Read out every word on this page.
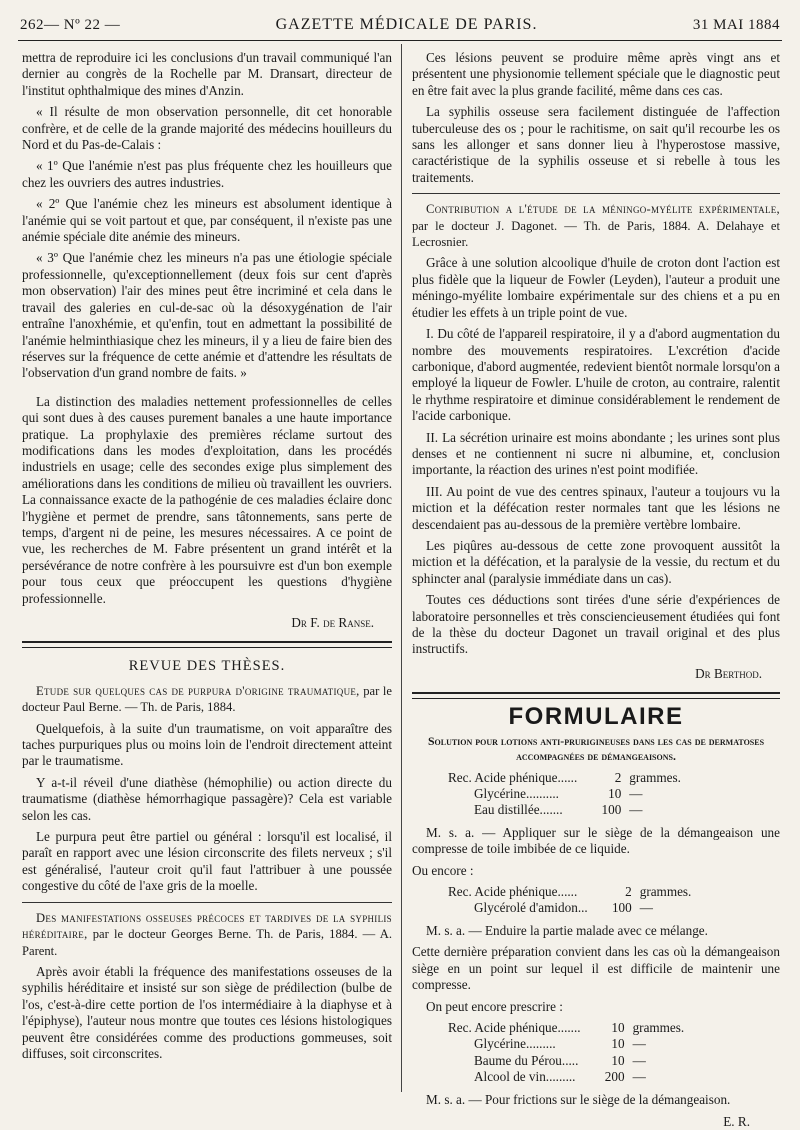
262— Nº 22 —	GAZETTE MÉDICALE DE PARIS.	31 MAI 1884

mettra de reproduire ici les conclusions d'un travail communiqué l'an dernier au congrès de la Rochelle par M. Dransart, directeur de l'institut ophthalmique des mines d'Anzin.

« Il résulte de mon observation personnelle, dit cet honorable confrère, et de celle de la grande majorité des médecins houilleurs du Nord et du Pas-de-Calais :

« 1º Que l'anémie n'est pas plus fréquente chez les houilleurs que chez les ouvriers des autres industries.

« 2º Que l'anémie chez les mineurs est absolument identique à l'anémie qui se voit partout et que, par conséquent, il n'existe pas une anémie spéciale dite anémie des mineurs.

« 3º Que l'anémie chez les mineurs n'a pas une étiologie spéciale professionnelle, qu'exceptionnellement (deux fois sur cent d'après mon observation) l'air des mines peut être incriminé et cela dans le travail des galeries en cul-de-sac où la désoxygénation de l'air entraîne l'anoxhémie, et qu'enfin, tout en admettant la possibilité de l'anémie helminthiasique chez les mineurs, il y a lieu de faire bien des réserves sur la fréquence de cette anémie et d'attendre les résultats de l'observation d'un grand nombre de faits. »

La distinction des maladies nettement professionnelles de celles qui sont dues à des causes purement banales a une haute importance pratique. La prophylaxie des premières réclame surtout des modifications dans les modes d'exploitation, dans les procédés industriels en usage; celle des secondes exige plus simplement des améliorations dans les conditions de milieu où travaillent les ouvriers. La connaissance exacte de la pathogénie de ces maladies éclaire donc l'hygiène et permet de prendre, sans tâtonnements, sans perte de temps, d'argent ni de peine, les mesures nécessaires. A ce point de vue, les recherches de M. Fabre présentent un grand intérêt et la persévérance de notre confrère à les poursuivre est d'un bon exemple pour tous ceux que préoccupent les questions d'hygiène professionnelle.

Dr F. de Ranse.
REVUE DES THÈSES.

Etude sur quelques cas de purpura d'origine traumatique, par le docteur Paul Berne. — Th. de Paris, 1884.

Quelquefois, à la suite d'un traumatisme, on voit apparaître des taches purpuriques plus ou moins loin de l'endroit directement atteint par le traumatisme.

Y a-t-il réveil d'une diathèse (hémophilie) ou action directe du traumatisme (diathèse hémorrhagique passagère)? Cela est variable selon les cas.

Le purpura peut être partiel ou général : lorsqu'il est localisé, il paraît en rapport avec une lésion circonscrite des filets nerveux ; s'il est généralisé, l'auteur croit qu'il faut l'attribuer à une poussée congestive du côté de l'axe gris de la moelle.

Des manifestations osseuses précoces et tardives de la syphilis héréditaire, par le docteur Georges Berne. Th. de Paris, 1884. — A. Parent.

Après avoir établi la fréquence des manifestations osseuses de la syphilis héréditaire et insisté sur son siège de prédilection (bulbe de l'os, c'est-à-dire cette portion de l'os intermédiaire à la diaphyse et à l'épiphyse), l'auteur nous montre que toutes ces lésions histologiques peuvent être considérées comme des productions gommeuses, soit diffuses, soit circonscrites.

Ces lésions peuvent se produire même après vingt ans et présentent une physionomie tellement spéciale que le diagnostic peut en être fait avec la plus grande facilité, même dans ces cas.

La syphilis osseuse sera facilement distinguée de l'affection tuberculeuse des os ; pour le rachitisme, on sait qu'il recourbe les os sans les allonger et sans donner lieu à l'hyperostose massive, caractéristique de la syphilis osseuse et si rebelle à tous les traitements.

Contribution a l'étude de la méningo-myélite expérimentale, par le docteur J. Dagonet. — Th. de Paris, 1884. A. Delahaye et Lecrosnier.

Grâce à une solution alcoolique d'huile de croton dont l'action est plus fidèle que la liqueur de Fowler (Leyden), l'auteur a produit une méningo-myélite lombaire expérimentale sur des chiens et a pu en étudier les effets à un triple point de vue.

I. Du côté de l'appareil respiratoire, il y a d'abord augmentation du nombre des mouvements respiratoires. L'excrétion d'acide carbonique, d'abord augmentée, redevient bientôt normale lorsqu'on a employé la liqueur de Fowler. L'huile de croton, au contraire, ralentit le rhythme respiratoire et diminue considérablement le rendement de l'acide carbonique.

II. La sécrétion urinaire est moins abondante ; les urines sont plus denses et ne contiennent ni sucre ni albumine, et, conclusion importante, la réaction des urines n'est point modifiée.

III. Au point de vue des centres spinaux, l'auteur a toujours vu la miction et la défécation rester normales tant que les lésions ne descendaient pas au-dessous de la première vertèbre lombaire.

Les piqûres au-dessous de cette zone provoquent aussitôt la miction et la défécation, et la paralysie de la vessie, du rectum et du sphincter anal (paralysie immédiate dans un cas).

Toutes ces déductions sont tirées d'une série d'expériences de laboratoire personnelles et très consciencieusement étudiées qui font de la thèse du docteur Dagonet un travail original et des plus instructifs.

Dr Berthod.
FORMULAIRE
Solution pour lotions anti-prurigineuses dans les cas de dermatoses accompagnées de démangeaisons.
Rec. Acide phénique......	2	grammes.
Glycérine..........	10	—
Eau distillée.......	100	—

M. s. a. — Appliquer sur le siège de la démangeaison une compresse de toile imbibée de ce liquide.

Ou encore :

Rec. Acide phénique......	2	grammes.
Glycérolé d'amidon...	100	—

M. s. a. — Enduire la partie malade avec ce mélange.

Cette dernière préparation convient dans les cas où la démangeaison siège en un point sur lequel il est difficile de maintenir une compresse.

On peut encore prescrire :

Rec. Acide phénique.......	10	grammes.
Glycérine.........	10	—
Baume du Pérou.....	10	—
Alcool de vin.........	200	—

M. s. a. — Pour frictions sur le siège de la démangeaison.

E. R.
